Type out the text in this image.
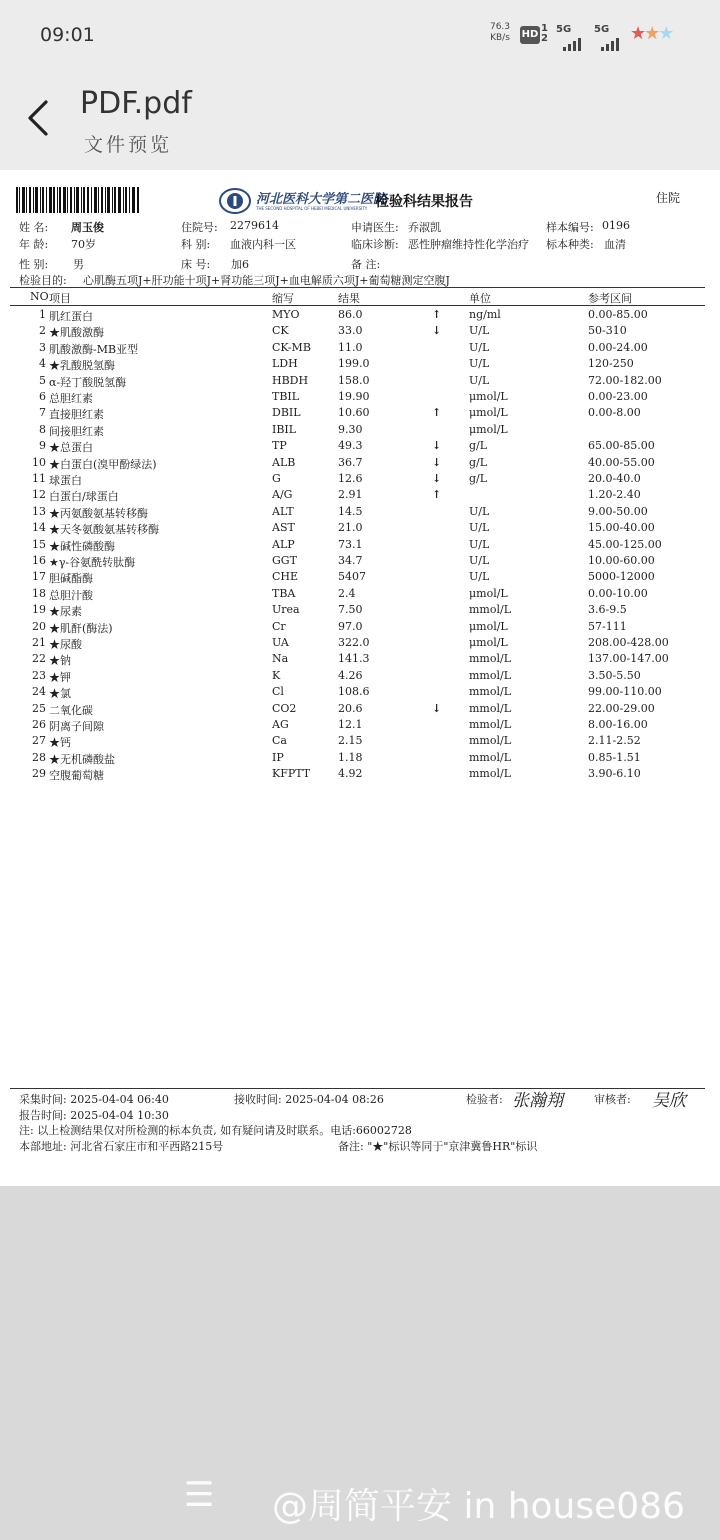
09:01	76.3
KB/s HD
1 2
5G 5G ★★★
PDF.pdf
文件预览
河北医科大学第二医院
THE SECOND HOSPITAL OF HEBEI MEDICAL UNIVERSITY 检验科结果报告	住院
姓 名: 周玉俊	住院号: 2279614	申请医生: 乔淑凯	样本编号: 0196
年 龄: 70岁	科 别: 血液内科一区	临床诊断: 恶性肿瘤维持性化学治疗 标本种类: 血清
性 别: 男	床 号: 加6	备 注:
检验目的: 心肌酶五项J+肝功能十项J+肾功能三项J+血电解质六项J+葡萄糖测定空腹J
NO 项目	缩写	结果	单位	参考区间
1 肌红蛋白	MYO	86.0	↑	ng/ml	0.00-85.00
2 ★肌酸激酶	CK	33.0	↓	U/L	50-310
3 肌酸激酶-MB亚型	CK-MB 11.0	U/L	0.00-24.00
4 ★乳酸脱氢酶	LDH	199.0	U/L	120-250
5 α-羟丁酸脱氢酶	HBDH	158.0	U/L	72.00-182.00
6 总胆红素	TBIL	19.90	μmol/L	0.00-23.00
7 直接胆红素	DBIL	10.60	↑	μmol/L	0.00-8.00
8 间接胆红素	IBIL	9.30	μmol/L
9 ★总蛋白	TP	49.3	↓	g/L	65.00-85.00
10 ★白蛋白(溴甲酚绿法)	ALB	36.7	↓	g/L	40.00-55.00
11 球蛋白	G	12.6	↓	g/L	20.0-40.0
12 白蛋白/球蛋白	A/G	2.91	↑	1.20-2.40
13 ★丙氨酸氨基转移酶	ALT	14.5	U/L	9.00-50.00
14 ★天冬氨酸氨基转移酶	AST	21.0	U/L	15.00-40.00
15 ★碱性磷酸酶	ALP	73.1	U/L	45.00-125.00
16 ★γ-谷氨酰转肽酶	GGT	34.7	U/L	10.00-60.00
17 胆碱酯酶	CHE	5407	U/L	5000-12000
18 总胆汁酸	TBA	2.4	μmol/L	0.00-10.00
19 ★尿素	Urea	7.50	mmol/L	3.6-9.5
20 ★肌酐(酶法)	Cr	97.0	μmol/L	57-111
21 ★尿酸	UA	322.0	μmol/L	208.00-428.00
22 ★钠	Na	141.3	mmol/L	137.00-147.00
23 ★钾	K	4.26	mmol/L	3.50-5.50
24 ★氯	Cl	108.6	mmol/L	99.00-110.00
25 二氧化碳	CO2	20.6	↓	mmol/L	22.00-29.00
26 阴离子间隙	AG	12.1	mmol/L	8.00-16.00
27 ★钙	Ca	2.15	mmol/L	2.11-2.52
28 ★无机磷酸盐	IP	1.18	mmol/L	0.85-1.51
29 空腹葡萄糖	KFPTT	4.92	mmol/L	3.90-6.10
采集时间: 2025-04-04 06:40	接收时间: 2025-04-04 08:26	检验者: 张瀚翔	审核者: 吴欣
报告时间: 2025-04-04 10:30
注: 以上检测结果仅对所检测的标本负责, 如有疑问请及时联系。电话:66002728
本部地址: 河北省石家庄市和平西路215号	备注: "★"标识等同于"京津冀鲁HR"标识
☰ @周简平安 in house086
